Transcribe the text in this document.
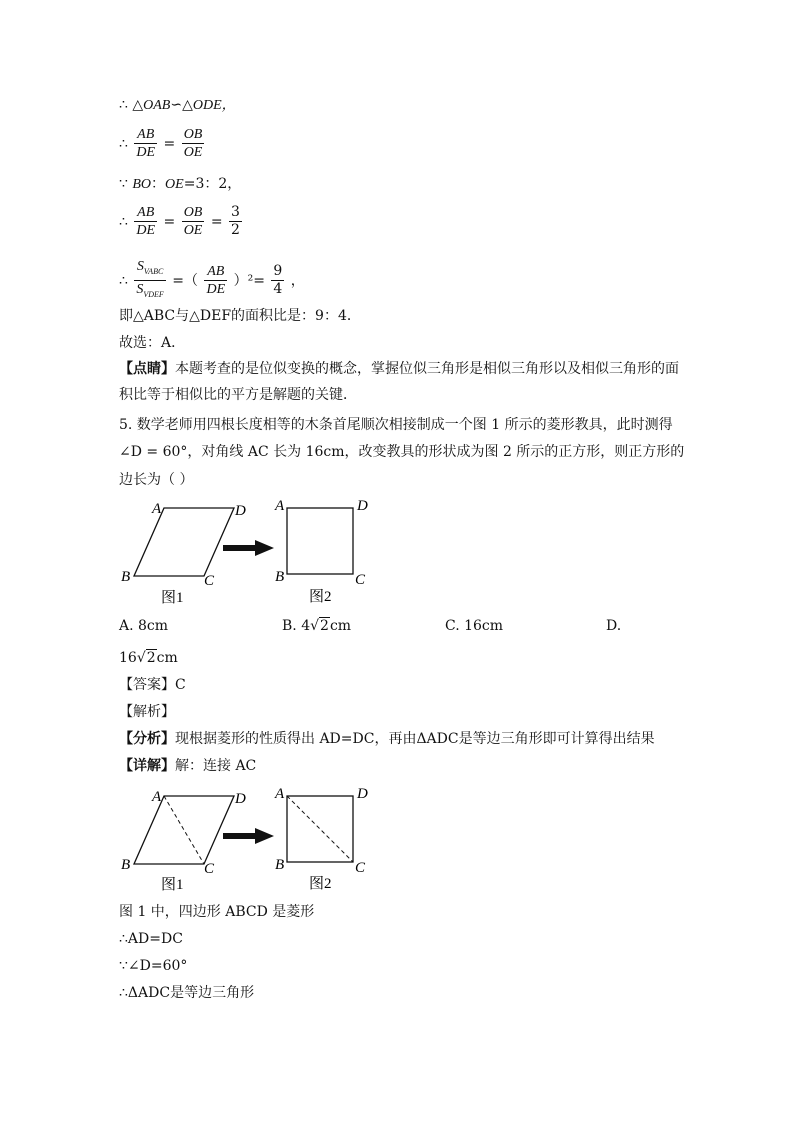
∴ △OAB∽△ODE，
∴ $\frac{AB}{DE} = \frac{OB}{OE}$
∵ BO：OE=3：2，
∴ $\frac{AB}{DE} = \frac{OB}{OE} = \frac{3}{2}$
∴ $\frac{S_{VABC}}{S_{VDEF}}$ =（ $\frac{AB}{DE} )^2= \frac{9}{4}$ ，
即△ABC与△DEF的面积比是：9：4．
故选：A．
【点睛】本题考查的是位似变换的概念，掌握位似三角形是相似三角形以及相似三角形的面
积比等于相似比的平方是解题的关键．
5. 数学老师用四根长度相等的木条首尾顺次相接制成一个图 1 所示的菱形教具，此时测得
∠D = 60°，对角线 AC 长为 16cm，改变教具的形状成为图 2 所示的正方形，则正方形的
边长为（ ）
A	D
B	C
图1
A	D
B	C
图2
A. 8cm	B. 4√2cm	C. 16cm	D.
16√2cm
【答案】C
【解析】
【分析】现根据菱形的性质得出 AD=DC，再由ΔADC是等边三角形即可计算得出结果
【详解】解：连接 AC
A	D
B	C
图1
A	D
B	C
图2
图 1 中，四边形 ABCD 是菱形
∴AD=DC
∵∠D=60°
∴ΔADC是等边三角形
